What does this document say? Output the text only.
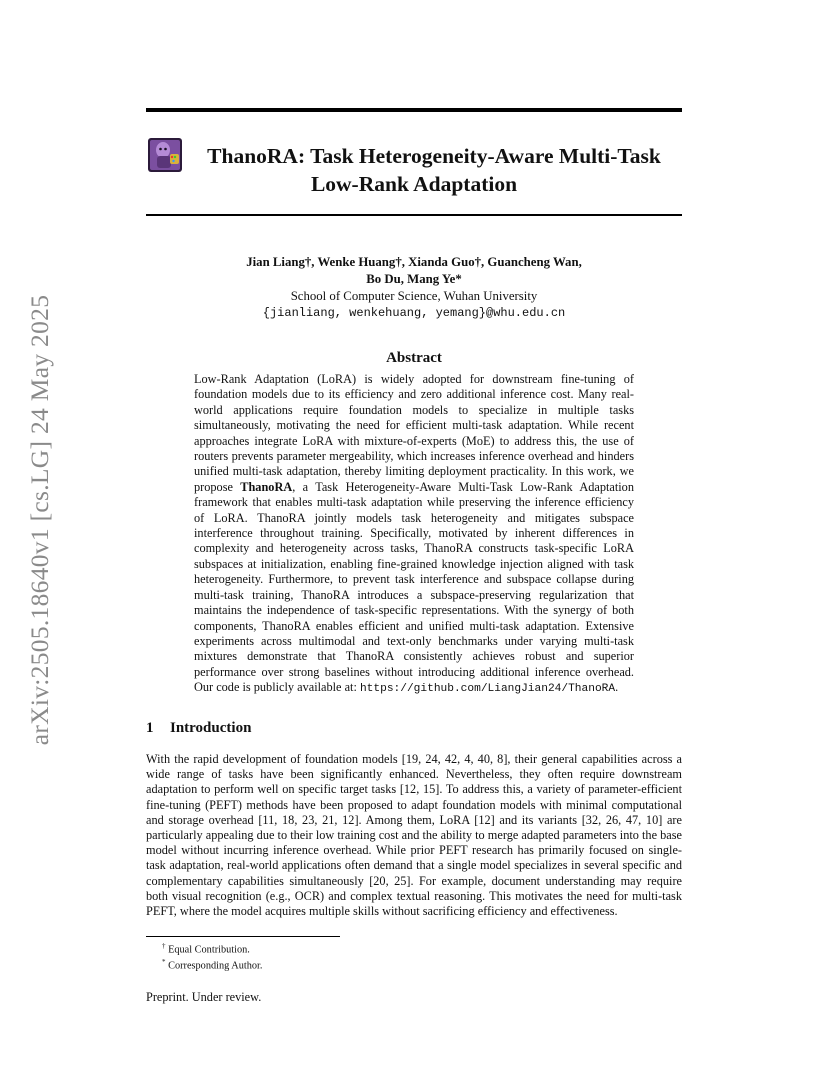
arXiv:2505.18640v1 [cs.LG] 24 May 2025
ThanoRA: Task Heterogeneity-Aware Multi-Task
Low-Rank Adaptation
Jian Liang†, Wenke Huang†, Xianda Guo†, Guancheng Wan,
Bo Du, Mang Ye*
School of Computer Science, Wuhan University
{jianliang, wenkehuang, yemang}@whu.edu.cn
Abstract
Low-Rank Adaptation (LoRA) is widely adopted for downstream fine-tuning of foundation models due to its efficiency and zero additional inference cost. Many real-world applications require foundation models to specialize in multiple tasks simultaneously, motivating the need for efficient multi-task adaptation. While recent approaches integrate LoRA with mixture-of-experts (MoE) to address this, the use of routers prevents parameter mergeability, which increases inference overhead and hinders unified multi-task adaptation, thereby limiting deployment practicality. In this work, we propose ThanoRA, a Task Heterogeneity-Aware Multi-Task Low-Rank Adaptation framework that enables multi-task adaptation while preserving the inference efficiency of LoRA. ThanoRA jointly models task heterogeneity and mitigates subspace interference throughout training. Specifically, motivated by inherent differences in complexity and heterogeneity across tasks, ThanoRA constructs task-specific LoRA subspaces at initialization, enabling fine-grained knowledge injection aligned with task heterogeneity. Furthermore, to prevent task interference and subspace collapse during multi-task training, ThanoRA introduces a subspace-preserving regularization that maintains the independence of task-specific representations. With the synergy of both components, ThanoRA enables efficient and unified multi-task adaptation. Extensive experiments across multimodal and text-only benchmarks under varying multi-task mixtures demonstrate that ThanoRA consistently achieves robust and superior performance over strong baselines without introducing additional inference overhead. Our code is publicly available at: https://github.com/LiangJian24/ThanoRA.
1 Introduction
With the rapid development of foundation models [19, 24, 42, 4, 40, 8], their general capabilities across a wide range of tasks have been significantly enhanced. Nevertheless, they often require downstream adaptation to perform well on specific target tasks [12, 15]. To address this, a variety of parameter-efficient fine-tuning (PEFT) methods have been proposed to adapt foundation models with minimal computational and storage overhead [11, 18, 23, 21, 12]. Among them, LoRA [12] and its variants [32, 26, 47, 10] are particularly appealing due to their low training cost and the ability to merge adapted parameters into the base model without incurring inference overhead. While prior PEFT research has primarily focused on single-task adaptation, real-world applications often demand that a single model specializes in several specific and complementary capabilities simultaneously [20, 25]. For example, document understanding may require both visual recognition (e.g., OCR) and complex textual reasoning. This motivates the need for multi-task PEFT, where the model acquires multiple skills without sacrificing efficiency and effectiveness.
† Equal Contribution.
* Corresponding Author.
Preprint. Under review.
